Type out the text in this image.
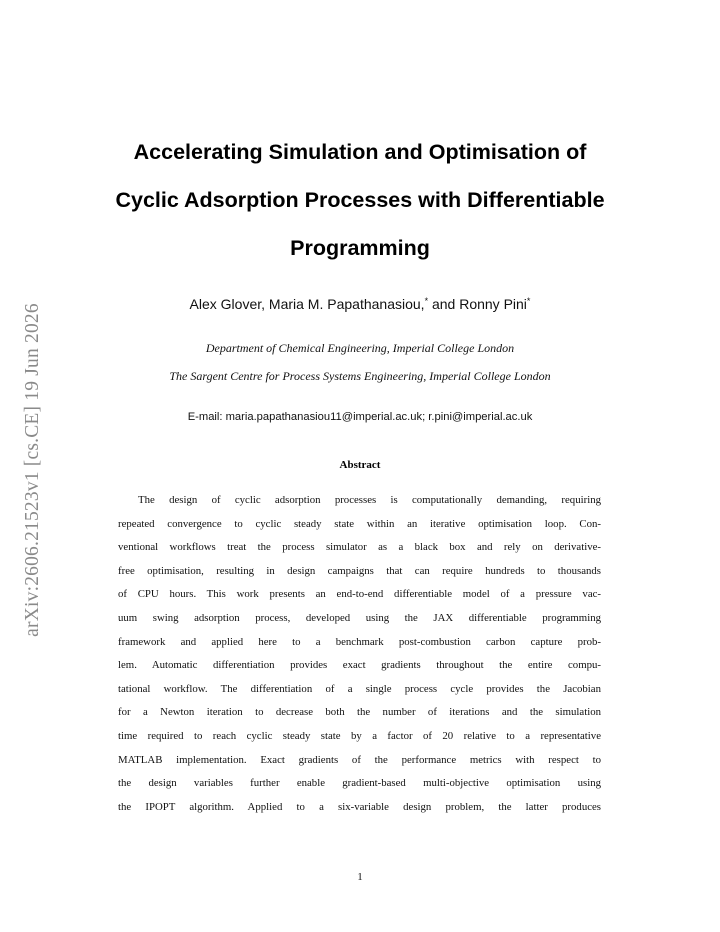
arXiv:2606.21523v1 [cs.CE] 19 Jun 2026
Accelerating Simulation and Optimisation of
Cyclic Adsorption Processes with Differentiable
Programming
Alex Glover, Maria M. Papathanasiou,* and Ronny Pini*
Department of Chemical Engineering, Imperial College London
The Sargent Centre for Process Systems Engineering, Imperial College London
E-mail: maria.papathanasiou11@imperial.ac.uk; r.pini@imperial.ac.uk
Abstract
The design of cyclic adsorption processes is computationally demanding, requiring
repeated convergence to cyclic steady state within an iterative optimisation loop. Con-
ventional workflows treat the process simulator as a black box and rely on derivative-
free optimisation, resulting in design campaigns that can require hundreds to thousands
of CPU hours. This work presents an end-to-end differentiable model of a pressure vac-
uum swing adsorption process, developed using the JAX differentiable programming
framework and applied here to a benchmark post-combustion carbon capture prob-
lem. Automatic differentiation provides exact gradients throughout the entire compu-
tational workflow. The differentiation of a single process cycle provides the Jacobian
for a Newton iteration to decrease both the number of iterations and the simulation
time required to reach cyclic steady state by a factor of 20 relative to a representative
MATLAB implementation. Exact gradients of the performance metrics with respect to
the design variables further enable gradient-based multi-objective optimisation using
the IPOPT algorithm. Applied to a six-variable design problem, the latter produces
1
